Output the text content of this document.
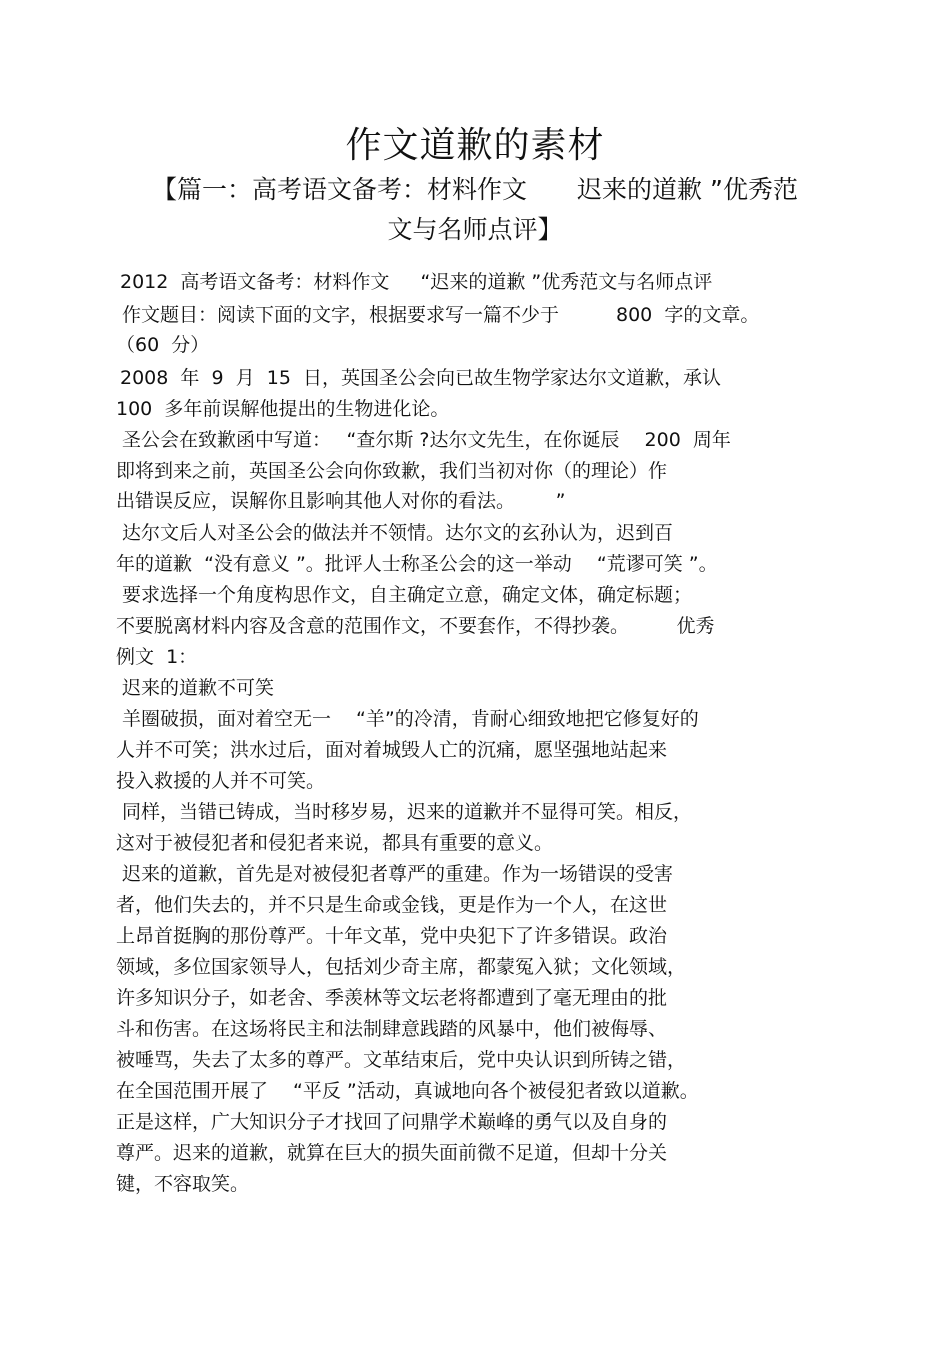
作文道歉的素材
【篇一：高考语文备考：材料作文　　迟来的道歉 ”优秀范
文与名师点评】
2012  高考语文备考：材料作文　  “迟来的道歉 ”优秀范文与名师点评
作文题目：阅读下面的文字，根据要求写一篇不少于　　　800  字的文章。
（60  分）
2008  年  9  月  15  日，英国圣公会向已故生物学家达尔文道歉，承认
100  多年前误解他提出的生物进化论。
圣公会在致歉函中写道：　 “查尔斯 ?达尔文先生，在你诞辰　 200  周年
即将到来之前，英国圣公会向你致歉，我们当初对你（的理论）作
出错误反应，误解你且影响其他人对你的看法。　　  ”
达尔文后人对圣公会的做法并不领情。达尔文的玄孙认为，迟到百
年的道歉  “没有意义 ”。批评人士称圣公会的这一举动　 “荒谬可笑 ”。
要求选择一个角度构思作文，自主确定立意，确定文体，确定标题；
不要脱离材料内容及含意的范围作文，不要套作，不得抄袭。　　　优秀
例文  1：
迟来的道歉不可笑
羊圈破损，面对着空无一　 “羊”的冷清，肯耐心细致地把它修复好的
人并不可笑；洪水过后，面对着城毁人亡的沉痛，愿坚强地站起来
投入救援的人并不可笑。
同样，当错已铸成，当时移岁易，迟来的道歉并不显得可笑。相反，
这对于被侵犯者和侵犯者来说，都具有重要的意义。
迟来的道歉，首先是对被侵犯者尊严的重建。作为一场错误的受害
者，他们失去的，并不只是生命或金钱，更是作为一个人，在这世
上昂首挺胸的那份尊严。十年文革，党中央犯下了许多错误。政治
领域，多位国家领导人，包括刘少奇主席，都蒙冤入狱；文化领域，
许多知识分子，如老舍、季羡林等文坛老将都遭到了毫无理由的批
斗和伤害。在这场将民主和法制肆意践踏的风暴中，他们被侮辱、
被唾骂，失去了太多的尊严。文革结束后，党中央认识到所铸之错，
在全国范围开展了　 “平反 ”活动，真诚地向各个被侵犯者致以道歉。
正是这样，广大知识分子才找回了问鼎学术巅峰的勇气以及自身的
尊严。迟来的道歉，就算在巨大的损失面前微不足道，但却十分关
键，不容取笑。
